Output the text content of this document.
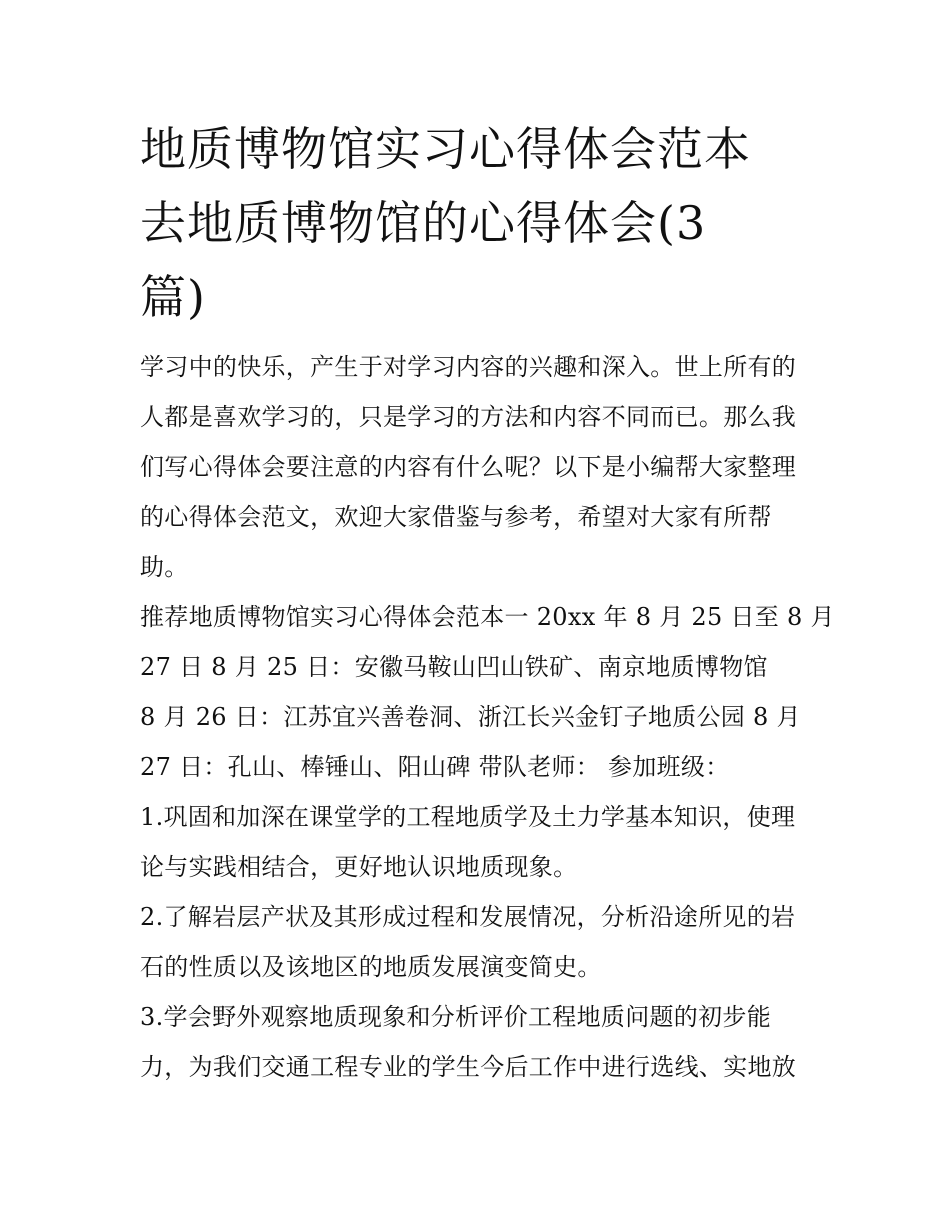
地质博物馆实习心得体会范本
去地质博物馆的心得体会(3
篇)
学习中的快乐，产生于对学习内容的兴趣和深入。世上所有的
人都是喜欢学习的，只是学习的方法和内容不同而已。那么我
们写心得体会要注意的内容有什么呢？以下是小编帮大家整理
的心得体会范文，欢迎大家借鉴与参考，希望对大家有所帮
助。
推荐地质博物馆实习心得体会范本一 20xx 年 8 月 25 日至 8 月
27 日 8 月 25 日：安徽马鞍山凹山铁矿、南京地质博物馆
8 月 26 日：江苏宜兴善卷洞、浙江长兴金钉子地质公园 8 月
27 日：孔山、棒锤山、阳山碑 带队老师： 参加班级：
1.巩固和加深在课堂学的工程地质学及土力学基本知识，使理
论与实践相结合，更好地认识地质现象。
2.了解岩层产状及其形成过程和发展情况，分析沿途所见的岩
石的性质以及该地区的地质发展演变简史。
3.学会野外观察地质现象和分析评价工程地质问题的初步能
力，为我们交通工程专业的学生今后工作中进行选线、实地放
